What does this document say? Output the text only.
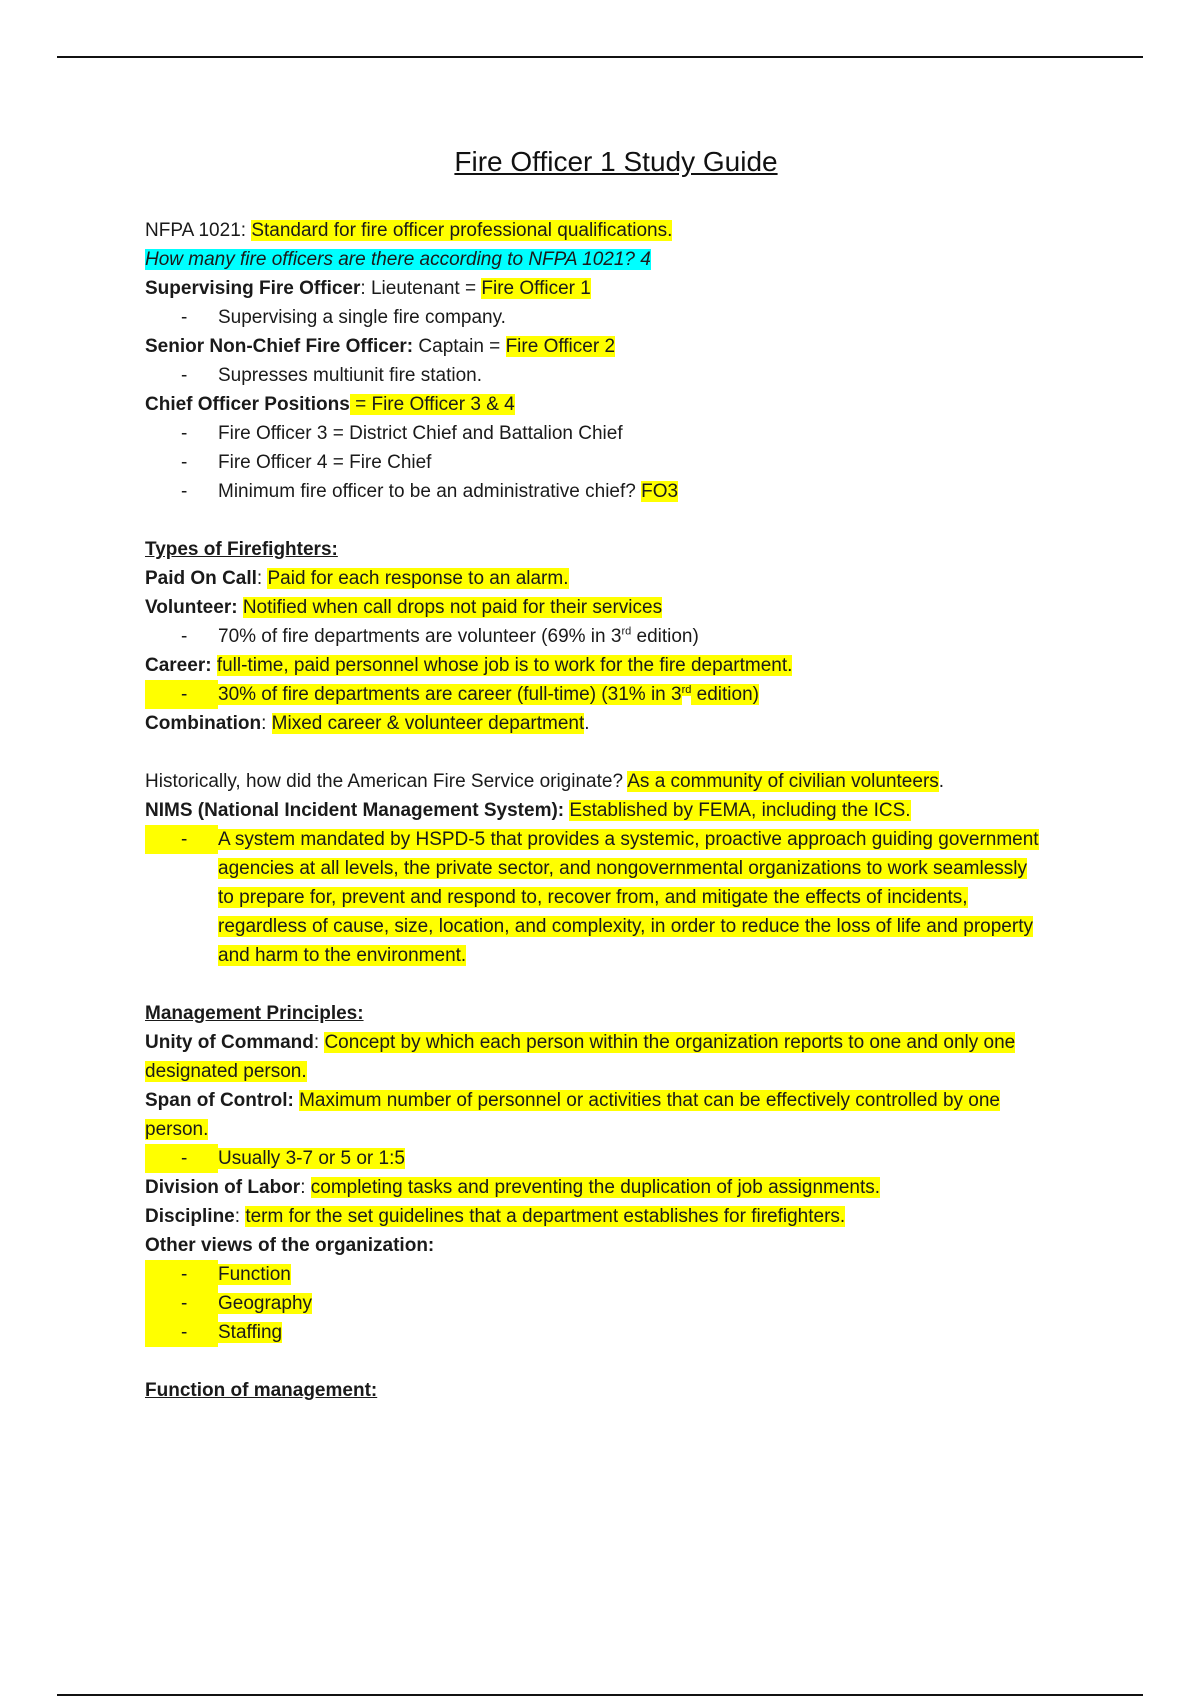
Fire Officer 1 Study Guide
NFPA 1021: Standard for fire officer professional qualifications.
How many fire officers are there according to NFPA 1021? 4
Supervising Fire Officer: Lieutenant = Fire Officer 1
-	Supervising a single fire company.
Senior Non-Chief Fire Officer: Captain = Fire Officer 2
-	Supresses multiunit fire station.
Chief Officer Positions = Fire Officer 3 & 4
-	Fire Officer 3 = District Chief and Battalion Chief
-	Fire Officer 4 = Fire Chief
-	Minimum fire officer to be an administrative chief? FO3
Types of Firefighters:
Paid On Call: Paid for each response to an alarm.
Volunteer: Notified when call drops not paid for their services
-	70% of fire departments are volunteer (69% in 3rd edition)
Career: full-time, paid personnel whose job is to work for the fire department.
-	30% of fire departments are career (full-time) (31% in 3rd edition)
Combination: Mixed career & volunteer department.
Historically, how did the American Fire Service originate? As a community of civilian volunteers.
NIMS (National Incident Management System): Established by FEMA, including the ICS.
-	A system mandated by HSPD-5 that provides a systemic, proactive approach guiding government
agencies at all levels, the private sector, and nongovernmental organizations to work seamlessly
to prepare for, prevent and respond to, recover from, and mitigate the effects of incidents,
regardless of cause, size, location, and complexity, in order to reduce the loss of life and property
and harm to the environment.
Management Principles:
Unity of Command: Concept by which each person within the organization reports to one and only one
designated person.
Span of Control: Maximum number of personnel or activities that can be effectively controlled by one
person.
-	Usually 3-7 or 5 or 1:5
Division of Labor: completing tasks and preventing the duplication of job assignments.
Discipline: term for the set guidelines that a department establishes for firefighters.
Other views of the organization:
-	Function
-	Geography
-	Staffing
Function of management:
